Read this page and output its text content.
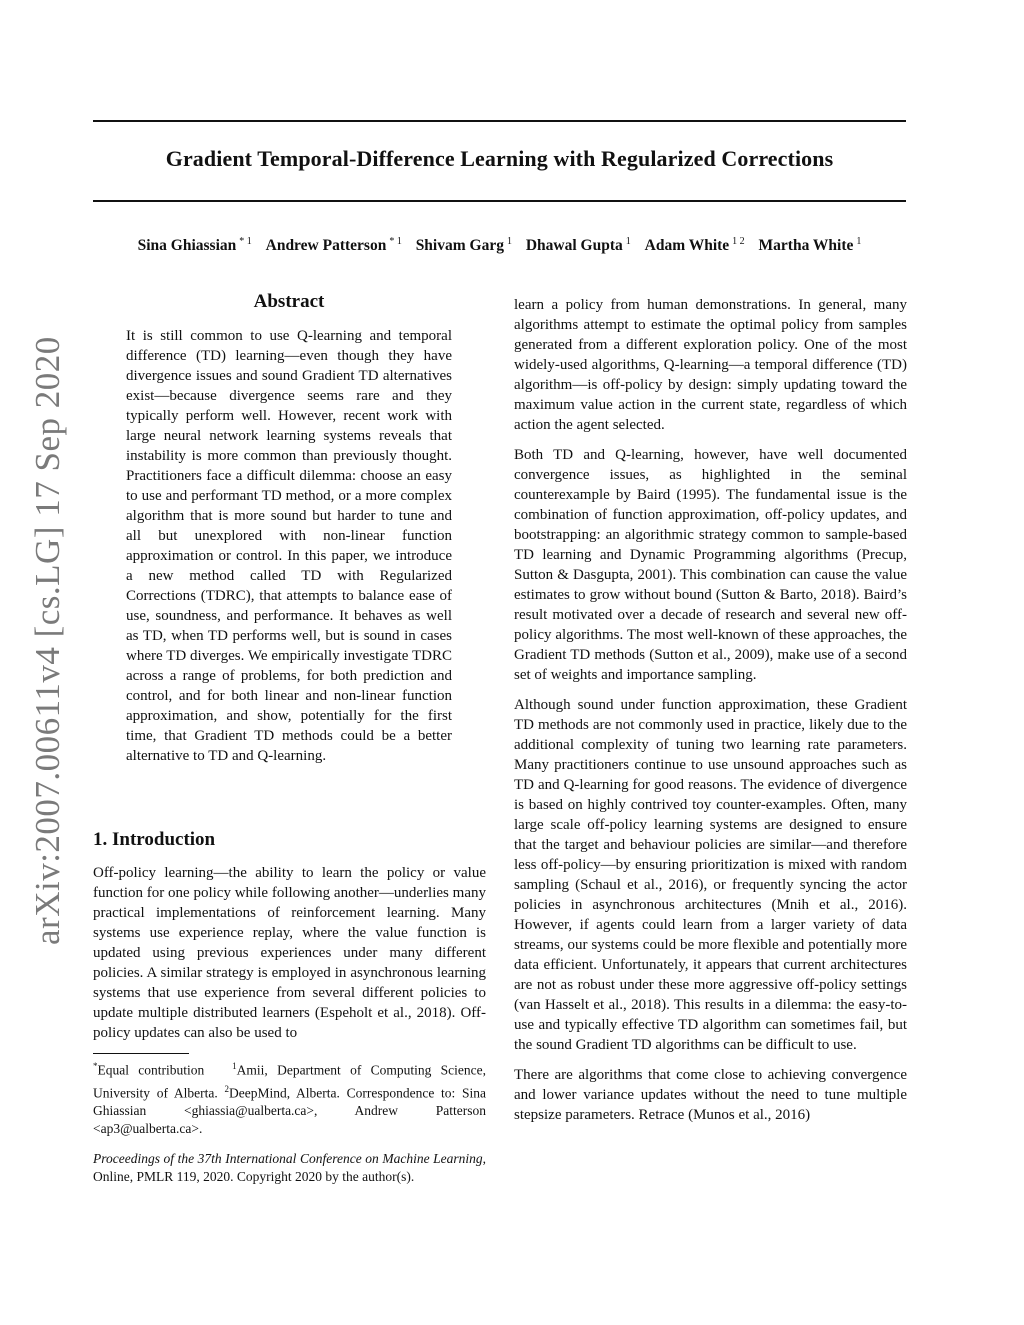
Gradient Temporal-Difference Learning with Regularized Corrections
Sina Ghiassian $^{* 1}$ Andrew Patterson $^{* 1}$ Shivam Garg $^1$ Dhawal Gupta $^1$ Adam White $^{1 2}$ Martha White $^1$
arXiv:2007.00611v4 [cs.LG] 17 Sep 2020
Abstract

It is still common to use Q-learning and temporal difference (TD) learning—even though they have divergence issues and sound Gradient TD alternatives exist—because divergence seems rare and they typically perform well. However, recent work with large neural network learning systems reveals that instability is more common than previously thought. Practitioners face a difficult dilemma: choose an easy to use and performant TD method, or a more complex algorithm that is more sound but harder to tune and all but unexplored with non-linear function approximation or control. In this paper, we introduce a new method called TD with Regularized Corrections (TDRC), that attempts to balance ease of use, soundness, and performance. It behaves as well as TD, when TD performs well, but is sound in cases where TD diverges. We empirically investigate TDRC across a range of problems, for both prediction and control, and for both linear and non-linear function approximation, and show, potentially for the first time, that Gradient TD methods could be a better alternative to TD and Q-learning.

1. Introduction

Off-policy learning—the ability to learn the policy or value function for one policy while following another—underlies many practical implementations of reinforcement learning. Many systems use experience replay, where the value function is updated using previous experiences under many different policies. A similar strategy is employed in asynchronous learning systems that use experience from several different policies to update multiple distributed learners (Espeholt et al., 2018). Off-policy updates can also be used to

*Equal contribution	$^1$Amii, Department of Computing Science, University of Alberta. $^2$DeepMind, Alberta. Correspondence to: Sina Ghiassian <ghiassia@ualberta.ca>, Andrew Patterson <ap3@ualberta.ca>.
Proceedings of the 37th International Conference on Machine Learning, Online, PMLR 119, 2020. Copyright 2020 by the author(s).

learn a policy from human demonstrations. In general, many algorithms attempt to estimate the optimal policy from samples generated from a different exploration policy. One of the most widely-used algorithms, Q-learning—a temporal difference (TD) algorithm—is off-policy by design: simply updating toward the maximum value action in the current state, regardless of which action the agent selected.

Both TD and Q-learning, however, have well documented convergence issues, as highlighted in the seminal counterexample by Baird (1995). The fundamental issue is the combination of function approximation, off-policy updates, and bootstrapping: an algorithmic strategy common to sample-based TD learning and Dynamic Programming algorithms (Precup, Sutton & Dasgupta, 2001). This combination can cause the value estimates to grow without bound (Sutton & Barto, 2018). Baird’s result motivated over a decade of research and several new off-policy algorithms. The most well-known of these approaches, the Gradient TD methods (Sutton et al., 2009), make use of a second set of weights and importance sampling.

Although sound under function approximation, these Gradient TD methods are not commonly used in practice, likely due to the additional complexity of tuning two learning rate parameters. Many practitioners continue to use unsound approaches such as TD and Q-learning for good reasons. The evidence of divergence is based on highly contrived toy counter-examples. Often, many large scale off-policy learning systems are designed to ensure that the target and behaviour policies are similar—and therefore less off-policy—by ensuring prioritization is mixed with random sampling (Schaul et al., 2016), or frequently syncing the actor policies in asynchronous architectures (Mnih et al., 2016). However, if agents could learn from a larger variety of data streams, our systems could be more flexible and potentially more data efficient. Unfortunately, it appears that current architectures are not as robust under these more aggressive off-policy settings (van Hasselt et al., 2018). This results in a dilemma: the easy-to-use and typically effective TD algorithm can sometimes fail, but the sound Gradient TD algorithms can be difficult to use.

There are algorithms that come close to achieving convergence and lower variance updates without the need to tune multiple stepsize parameters. Retrace (Munos et al., 2016)
